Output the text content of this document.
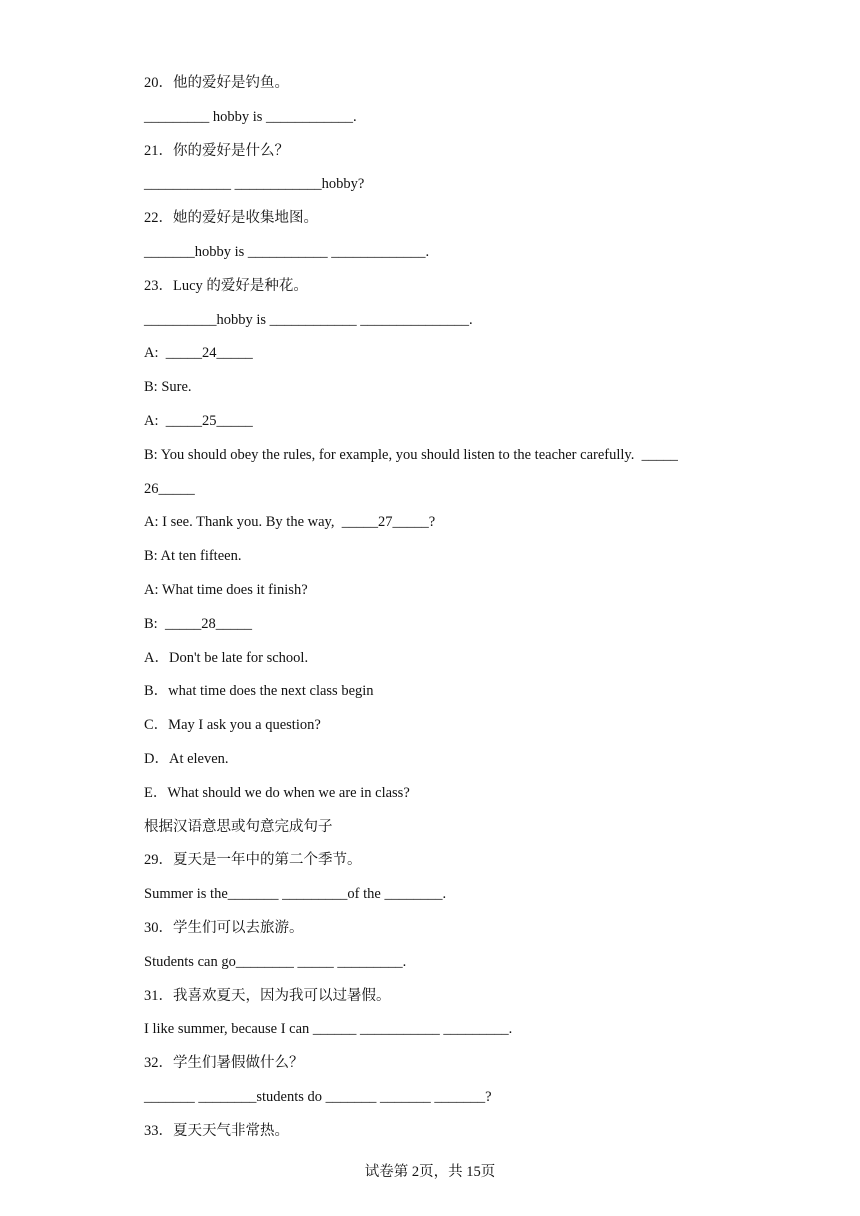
20．他的爱好是钓鱼。
_________ hobby is ____________.
21．你的爱好是什么？
____________ ____________hobby?
22．她的爱好是收集地图。
_______hobby is ___________ _____________.
23．Lucy 的爱好是种花。
__________hobby is ____________ _______________.
A:  _____24_____
B: Sure.
A:  _____25_____
B: You should obey the rules, for example, you should listen to the teacher carefully.  _____
26_____
A: I see. Thank you. By the way,  _____27_____?
B: At ten fifteen.
A: What time does it finish?
B:  _____28_____
A．Don't be late for school.
B．what time does the next class begin
C．May I ask you a question?
D．At eleven.
E．What should we do when we are in class?
根据汉语意思或句意完成句子
29．夏天是一年中的第二个季节。
Summer is the_______ _________of the ________.
30．学生们可以去旅游。
Students can go________ _____ _________.
31．我喜欢夏天，因为我可以过暑假。
I like summer, because I can ______ ___________ _________.
32．学生们暑假做什么？
_______ ________students do _______ _______ _______?
33．夏天天气非常热。
试卷第 2页，共 15页
